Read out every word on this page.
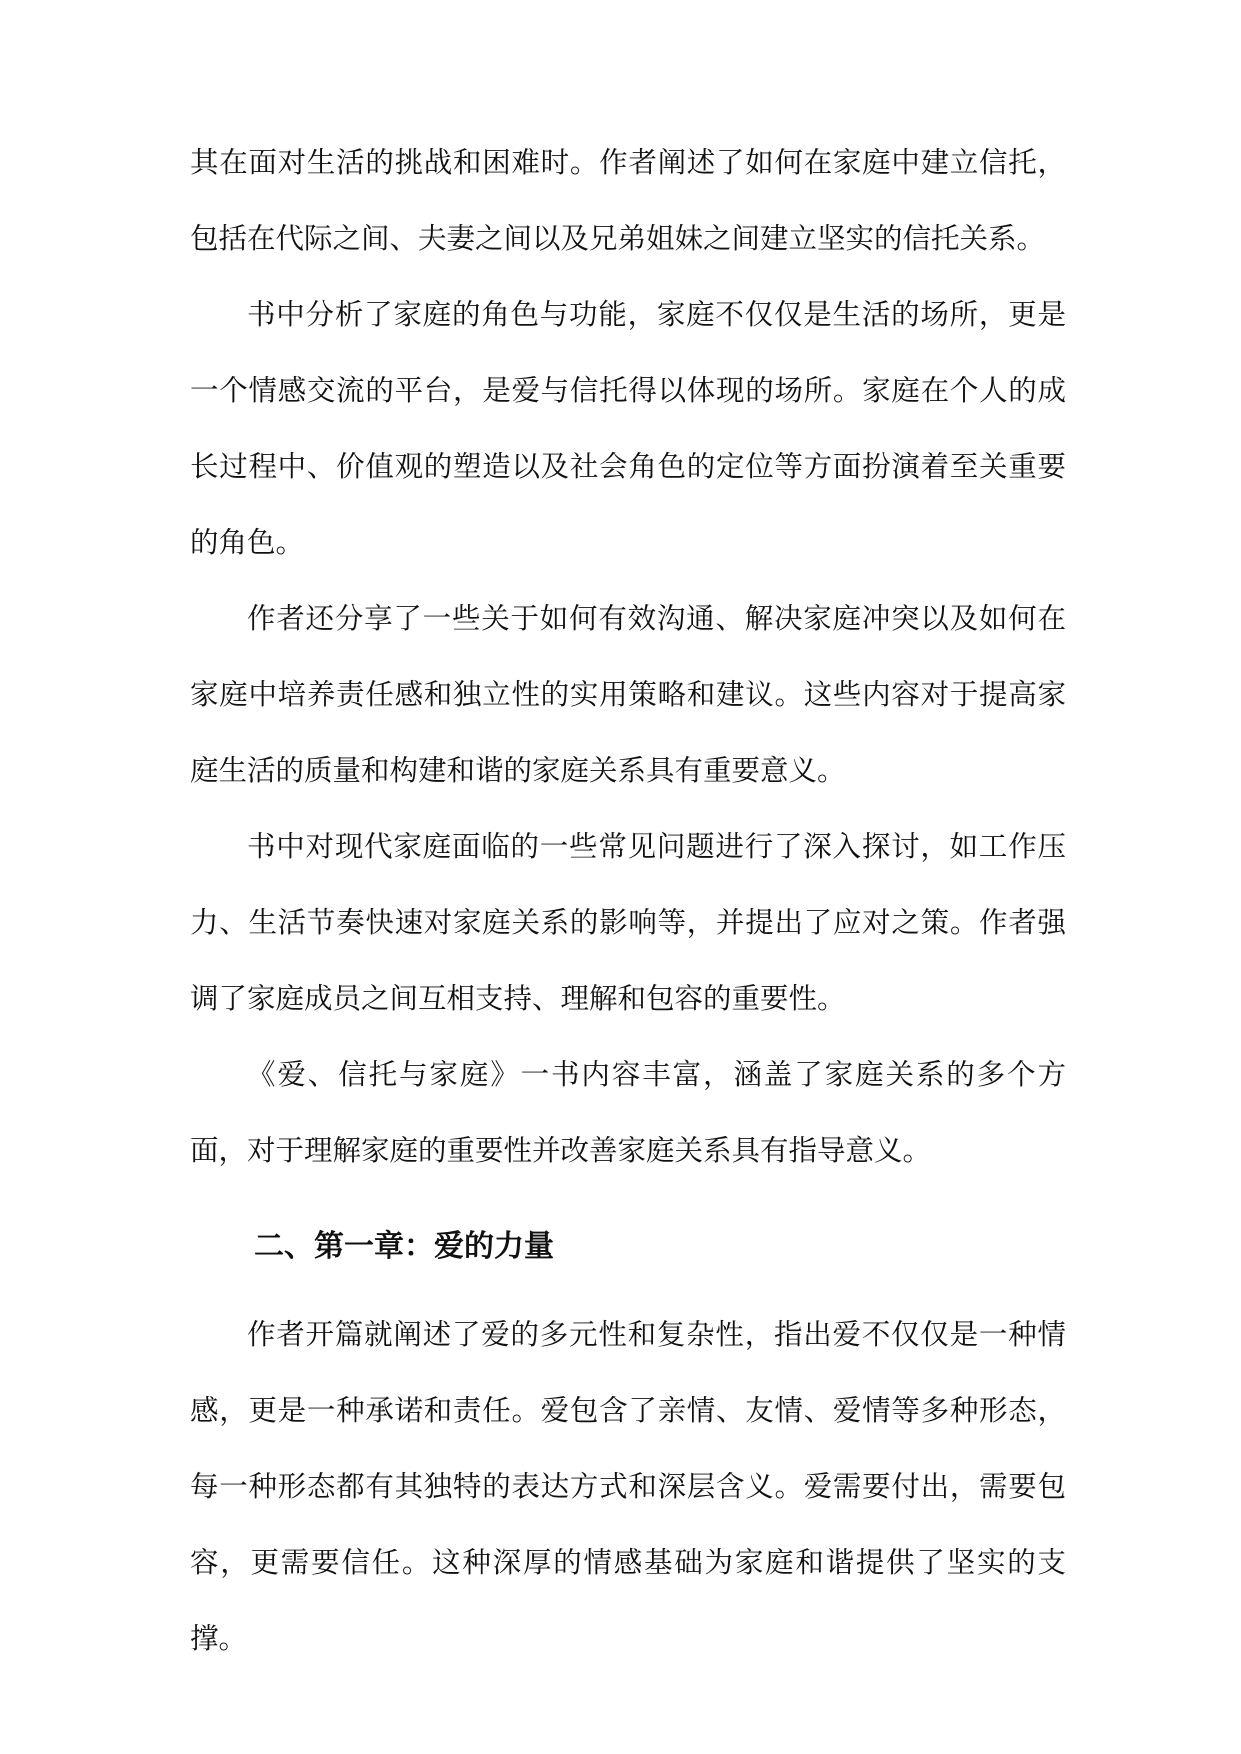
其在面对生活的挑战和困难时。作者阐述了如何在家庭中建立信托，包括在代际之间、夫妻之间以及兄弟姐妹之间建立坚实的信托关系。

书中分析了家庭的角色与功能，家庭不仅仅是生活的场所，更是一个情感交流的平台，是爱与信托得以体现的场所。家庭在个人的成长过程中、价值观的塑造以及社会角色的定位等方面扮演着至关重要的角色。

作者还分享了一些关于如何有效沟通、解决家庭冲突以及如何在家庭中培养责任感和独立性的实用策略和建议。这些内容对于提高家庭生活的质量和构建和谐的家庭关系具有重要意义。

书中对现代家庭面临的一些常见问题进行了深入探讨，如工作压力、生活节奏快速对家庭关系的影响等，并提出了应对之策。作者强调了家庭成员之间互相支持、理解和包容的重要性。

《爱、信托与家庭》一书内容丰富，涵盖了家庭关系的多个方面，对于理解家庭的重要性并改善家庭关系具有指导意义。

二、第一章：爱的力量

作者开篇就阐述了爱的多元性和复杂性，指出爱不仅仅是一种情感，更是一种承诺和责任。爱包含了亲情、友情、爱情等多种形态，每一种形态都有其独特的表达方式和深层含义。爱需要付出，需要包容，更需要信任。这种深厚的情感基础为家庭和谐提供了坚实的支撑。
